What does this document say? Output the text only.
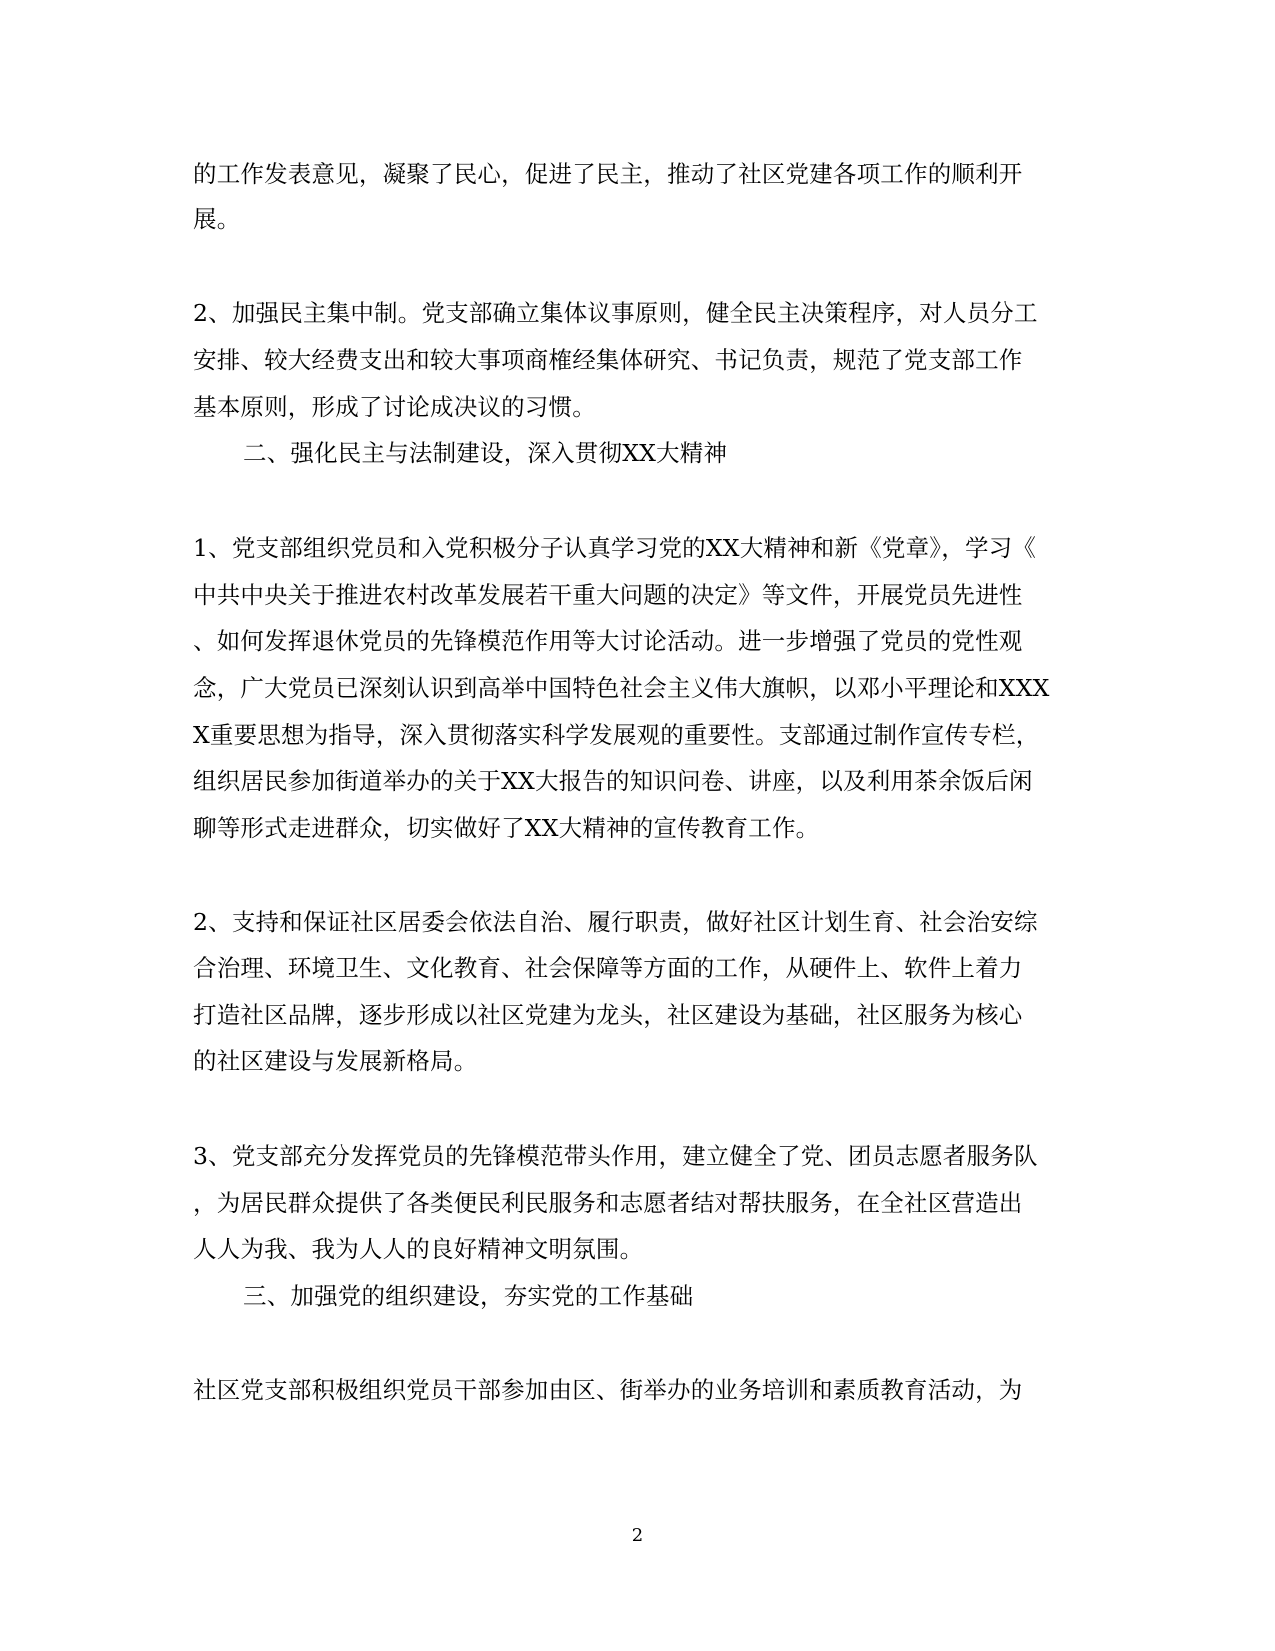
的工作发表意见，凝聚了民心，促进了民主，推动了社区党建各项工作的顺利开
展。
2、加强民主集中制。党支部确立集体议事原则，健全民主决策程序，对人员分工
安排、较大经费支出和较大事项商榷经集体研究、书记负责，规范了党支部工作
基本原则，形成了讨论成决议的习惯。
二、强化民主与法制建设，深入贯彻XX大精神
1、党支部组织党员和入党积极分子认真学习党的XX大精神和新《党章》，学习《
中共中央关于推进农村改革发展若干重大问题的决定》等文件，开展党员先进性
、如何发挥退休党员的先锋模范作用等大讨论活动。进一步增强了党员的党性观
念，广大党员已深刻认识到高举中国特色社会主义伟大旗帜，以邓小平理论和XXX
X重要思想为指导，深入贯彻落实科学发展观的重要性。支部通过制作宣传专栏，
组织居民参加街道举办的关于XX大报告的知识问卷、讲座，以及利用茶余饭后闲
聊等形式走进群众，切实做好了XX大精神的宣传教育工作。
2、支持和保证社区居委会依法自治、履行职责，做好社区计划生育、社会治安综
合治理、环境卫生、文化教育、社会保障等方面的工作，从硬件上、软件上着力
打造社区品牌，逐步形成以社区党建为龙头，社区建设为基础，社区服务为核心
的社区建设与发展新格局。
3、党支部充分发挥党员的先锋模范带头作用，建立健全了党、团员志愿者服务队
，为居民群众提供了各类便民利民服务和志愿者结对帮扶服务，在全社区营造出
人人为我、我为人人的良好精神文明氛围。
三、加强党的组织建设，夯实党的工作基础
社区党支部积极组织党员干部参加由区、街举办的业务培训和素质教育活动，为
2
